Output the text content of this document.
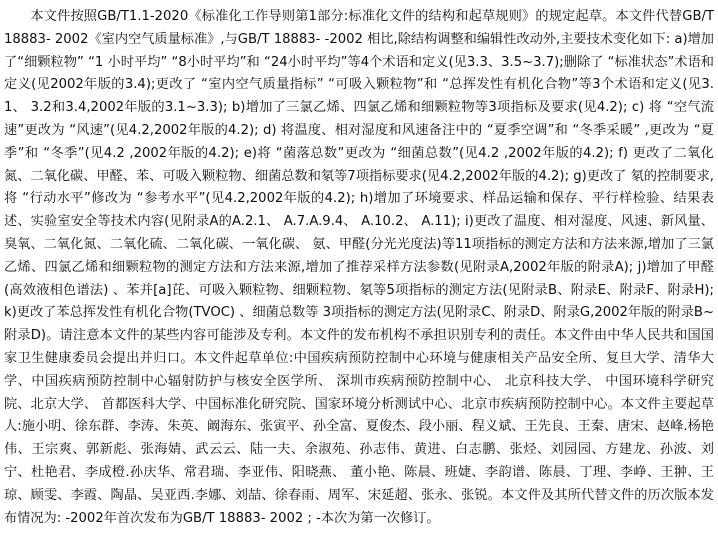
本文件按照GB/T1.1-2020《标准化工作导则第1部分:标准化文件的结构和起草规则》的规定起草。本文件代替GB/T 18883- 2002《室内空气质量标准》,与GB/T 18883- -2002 相比,除结构调整和编辑性改动外,主要技术变化如下: a)增加了“细颗粒物” “1 小时平均” “8小时平均”和 “24小时平均”等4个术语和定义(见3.3、3.5~3.7);删除了 “标准状态”术语和定义(见2002年版的3.4);更改了 “室内空气质量指标” “可吸入颗粒物”和 “总挥发性有机化合物”等3个术语和定义(见3.1、 3.2和3.4,2002年版的3.1~3.3); b)增加了三氯乙烯、四氯乙烯和细颗粒物等3项指标及要求(见4.2); c) 将 “空气流速”更改为 “风速”(见4.2,2002年版的4.2); d) 将温度、相对湿度和风速备注中的 “夏季空调”和 “冬季采暖” ,更改为 “夏季”和 “冬季”(见4.2 ,2002年版的4.2); e)将 “菌落总数”更改为 “细菌总数”(见4.2 ,2002年版的4.2); f) 更改了二氧化氮、二氧化碳、甲醛、苯、可吸入颗粒物、细菌总数和氡等7项指标要求(见4.2,2002年版的4.2); g)更改了 氡的控制要求,将 “行动水平”修改为 “参考水平”(见4.2,2002年版的4.2); h)增加了环境要求、样品运输和保存、平行样检验、结果表述、实验室安全等技术内容(见附录A的A.2.1、 A.7.A.9.4、 A.10.2、 A.11); i)更改了温度、相对湿度、风速、新风量、臭氧、二氧化氮、二氧化硫、二氧化碳、一氧化碳、 氨、甲醛(分光光度法)等11项指标的测定方法和方法来源,增加了三氯乙烯、四氯乙烯和细颗粒物的测定方法和方法来源,增加了推荐采样方法参数(见附录A,2002年版的附录A); j)增加了甲醛(高效液相色谱法) 、苯并[a]芘、可吸入颗粒物、细颗粒物、氡等5项指标的测定方法(见附录B、附录E、附录F、附录H); k)更改了苯总挥发性有机化合物(TVOC) 、细菌总数等 3项指标的测定方法(见附录C、附录D、附录G,2002年版的附录B~附录D)。请注意本文件的某些内容可能涉及专利。本文件的发布机构不承担识别专利的责任。本文件由中华人民共和国国家卫生健康委员会提出并归口。本文件起草单位:中国疾病预防控制中心环境与健康相关产品安全所、复旦大学、清华大学、中国疾病预防控制中心辐射防护与核安全医学所、 深圳市疾病预防控制中心、 北京科技大学、 中国环境科学研究院、北京大学、 首都医科大学、中国标准化研究院、国家环境分析测试中心、北京市疾病预防控制中心。本文件主要起草人:施小明、徐东群、李涛、朱英、阚海东、张寅平、孙全富、夏俊杰、段小丽、程义斌、王先良、王秦、唐宋、赵峰.杨艳伟、王宗爽、郭新彪、张海婧、武云云、陆一夫、余淑苑、孙志伟、黄进、白志鹏、张烃、刘园园、方建龙、孙波、刘宁、杜艳君、李成橙.孙庆华、常君瑞、李亚伟、阳晓燕、 董小艳、陈晨、班婕、李韵谱、陈晨、丁理、李峥、王翀、王琼、顾雯、李霞、陶晶、吴亚西.李娜、刘喆、徐春雨、周军、宋延超、张永、张锐。本文件及其所代替文件的历次版本发布情况为: -2002年首次发布为GB/T 18883- 2002 ; -本次为第一次修订。
